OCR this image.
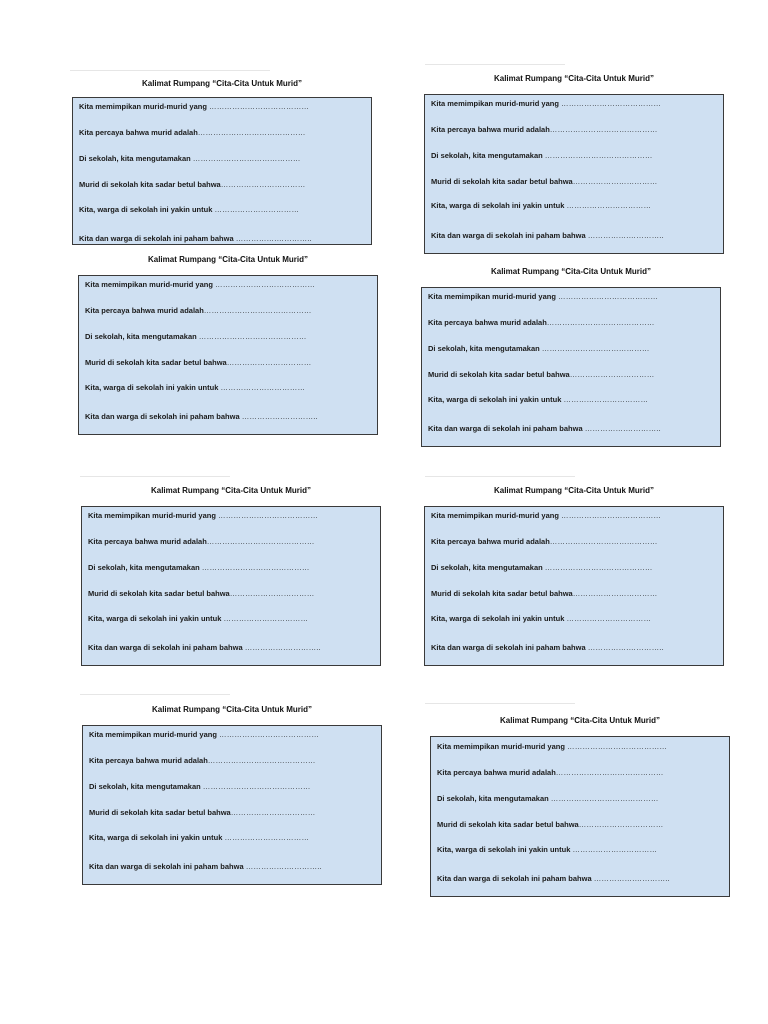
Kalimat Rumpang “Cita-Cita Untuk Murid”
Kita memimpikan murid-murid yang …………………………………
Kita percaya bahwa murid adalah……………………………………
Di sekolah, kita mengutamakan ……………………………………
Murid di sekolah kita sadar betul bahwa……………………………
Kita, warga di sekolah ini yakin untuk ……………………………
Kita dan warga di sekolah ini paham bahwa …………….…………..
Kalimat Rumpang “Cita-Cita Untuk Murid”
Kita memimpikan murid-murid yang …………………………………
Kita percaya bahwa murid adalah……………………………………
Di sekolah, kita mengutamakan ……………………………………
Murid di sekolah kita sadar betul bahwa……………………………
Kita, warga di sekolah ini yakin untuk ……………………………
Kita dan warga di sekolah ini paham bahwa …………….…………..
Kalimat Rumpang “Cita-Cita Untuk Murid”
Kita memimpikan murid-murid yang …………………………………
Kita percaya bahwa murid adalah……………………………………
Di sekolah, kita mengutamakan ……………………………………
Murid di sekolah kita sadar betul bahwa……………………………
Kita, warga di sekolah ini yakin untuk ……………………………
Kita dan warga di sekolah ini paham bahwa …………….…………..
Kalimat Rumpang “Cita-Cita Untuk Murid”
Kita memimpikan murid-murid yang …………………………………
Kita percaya bahwa murid adalah……………………………………
Di sekolah, kita mengutamakan ……………………………………
Murid di sekolah kita sadar betul bahwa……………………………
Kita, warga di sekolah ini yakin untuk ……………………………
Kita dan warga di sekolah ini paham bahwa …………….…………..
Kalimat Rumpang “Cita-Cita Untuk Murid”
Kita memimpikan murid-murid yang …………………………………
Kita percaya bahwa murid adalah……………………………………
Di sekolah, kita mengutamakan ……………………………………
Murid di sekolah kita sadar betul bahwa……………………………
Kita, warga di sekolah ini yakin untuk ……………………………
Kita dan warga di sekolah ini paham bahwa …………….…………..
Kalimat Rumpang “Cita-Cita Untuk Murid”
Kita memimpikan murid-murid yang …………………………………
Kita percaya bahwa murid adalah……………………………………
Di sekolah, kita mengutamakan ……………………………………
Murid di sekolah kita sadar betul bahwa……………………………
Kita, warga di sekolah ini yakin untuk ……………………………
Kita dan warga di sekolah ini paham bahwa …………….…………..
Kalimat Rumpang “Cita-Cita Untuk Murid”
Kita memimpikan murid-murid yang …………………………………
Kita percaya bahwa murid adalah……………………………………
Di sekolah, kita mengutamakan ……………………………………
Murid di sekolah kita sadar betul bahwa……………………………
Kita, warga di sekolah ini yakin untuk ……………………………
Kita dan warga di sekolah ini paham bahwa …………….…………..
Kalimat Rumpang “Cita-Cita Untuk Murid”
Kita memimpikan murid-murid yang …………………………………
Kita percaya bahwa murid adalah……………………………………
Di sekolah, kita mengutamakan ……………………………………
Murid di sekolah kita sadar betul bahwa……………………………
Kita, warga di sekolah ini yakin untuk ……………………………
Kita dan warga di sekolah ini paham bahwa …………….…………..
